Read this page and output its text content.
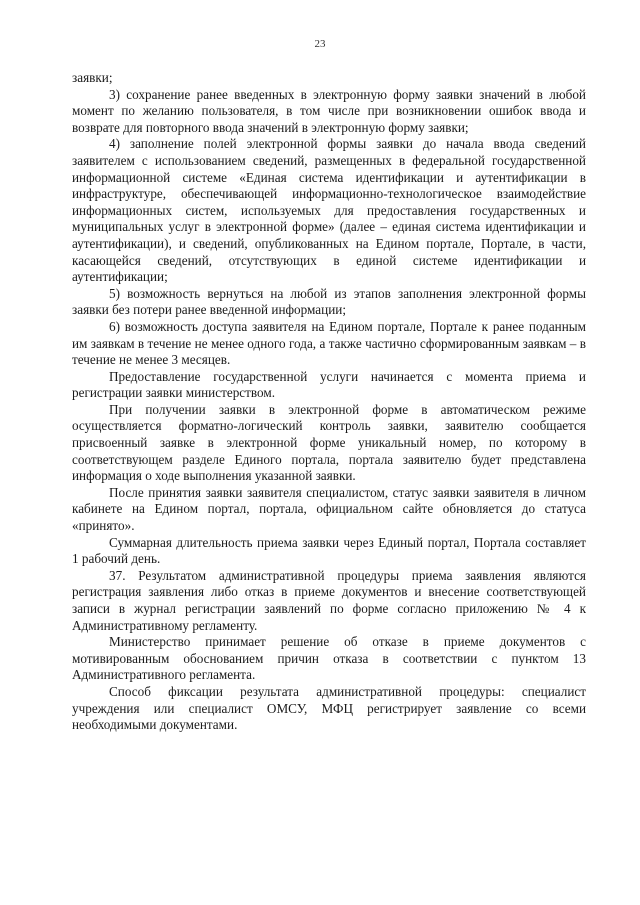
23

заявки;

3) сохранение ранее введенных в электронную форму заявки значений в любой момент по желанию пользователя, в том числе при возникновении ошибок ввода и возврате для повторного ввода значений в электронную форму заявки;

4) заполнение полей электронной формы заявки до начала ввода сведений заявителем с использованием сведений, размещенных в федеральной государственной информационной системе «Единая система идентификации и аутентификации в инфраструктуре, обеспечивающей информационно-технологическое взаимодействие информационных систем, используемых для предоставления государственных и муниципальных услуг в электронной форме» (далее – единая система идентификации и аутентификации), и сведений, опубликованных на Едином портале, Портале, в части, касающейся сведений, отсутствующих в единой системе идентификации и аутентификации;

5) возможность вернуться на любой из этапов заполнения электронной формы заявки без потери ранее введенной информации;

6) возможность доступа заявителя на Едином портале, Портале к ранее поданным им заявкам в течение не менее одного года, а также частично сформированным заявкам – в течение не менее 3 месяцев.

Предоставление государственной услуги начинается с момента приема и регистрации заявки министерством.

При получении заявки в электронной форме в автоматическом режиме осуществляется форматно-логический контроль заявки, заявителю сообщается присвоенный заявке в электронной форме уникальный номер, по которому в соответствующем разделе Единого портала, портала заявителю будет представлена информация о ходе выполнения указанной заявки.

После принятия заявки заявителя специалистом, статус заявки заявителя в личном кабинете на Едином портал, портала, официальном сайте обновляется до статуса «принято».

Суммарная длительность приема заявки через Единый портал, Портала составляет 1 рабочий день.

37. Результатом административной процедуры приема заявления являются регистрация заявления либо отказ в приеме документов и внесение соответствующей записи в журнал регистрации заявлений по форме согласно приложению № 4 к Административному регламенту.

Министерство принимает решение об отказе в приеме документов с мотивированным обоснованием причин отказа в соответствии с пунктом 13 Административного регламента.

Способ фиксации результата административной процедуры: специалист учреждения или специалист ОМСУ, МФЦ регистрирует заявление со всеми необходимыми документами.
